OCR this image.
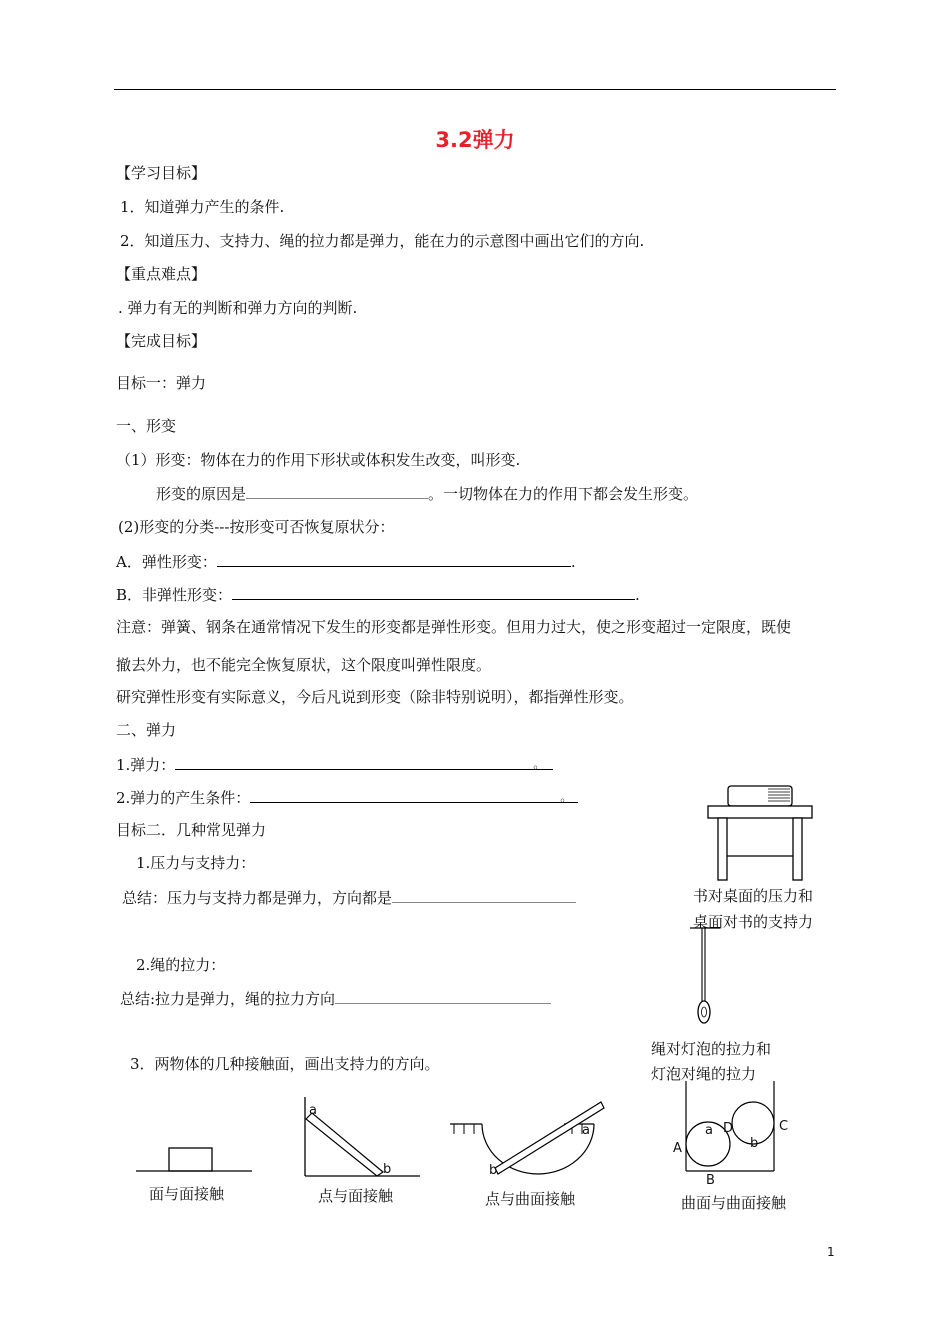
3.2弹力
【学习目标】
1．知道弹力产生的条件.
2．知道压力、支持力、绳的拉力都是弹力，能在力的示意图中画出它们的方向.
【重点难点】
. 弹力有无的判断和弹力方向的判断.
【完成目标】
目标一：弹力
一、形变
（1）形变：物体在力的作用下形状或体积发生改变，叫形变.
形变的原因是	。一切物体在力的作用下都会发生形变。
(2)形变的分类---按形变可否恢复原状分：
A．弹性形变：	.
B．非弹性形变：	.
注意：弹簧、钢条在通常情况下发生的形变都是弹性形变。但用力过大，使之形变超过一定限度，既使
撤去外力，也不能完全恢复原状，这个限度叫弹性限度。
研究弹性形变有实际意义，今后凡说到形变（除非特别说明），都指弹性形变。
二、弹力
1.弹力：	。
2.弹力的产生条件：	。
目标二．几种常见弹力
1.压力与支持力：
总结：压力与支持力都是弹力，方向都是
2.绳的拉力：
总结:拉力是弹力，绳的拉力方向
3．两物体的几种接触面，画出支持力的方向。
书对桌面的压力和
桌面对书的支持力
绳对灯泡的拉力和
灯泡对绳的拉力
面与面接触
a
b
点与面接触
a
b
点与曲面接触
a D
b
C
A
B
曲面与曲面接触
1
